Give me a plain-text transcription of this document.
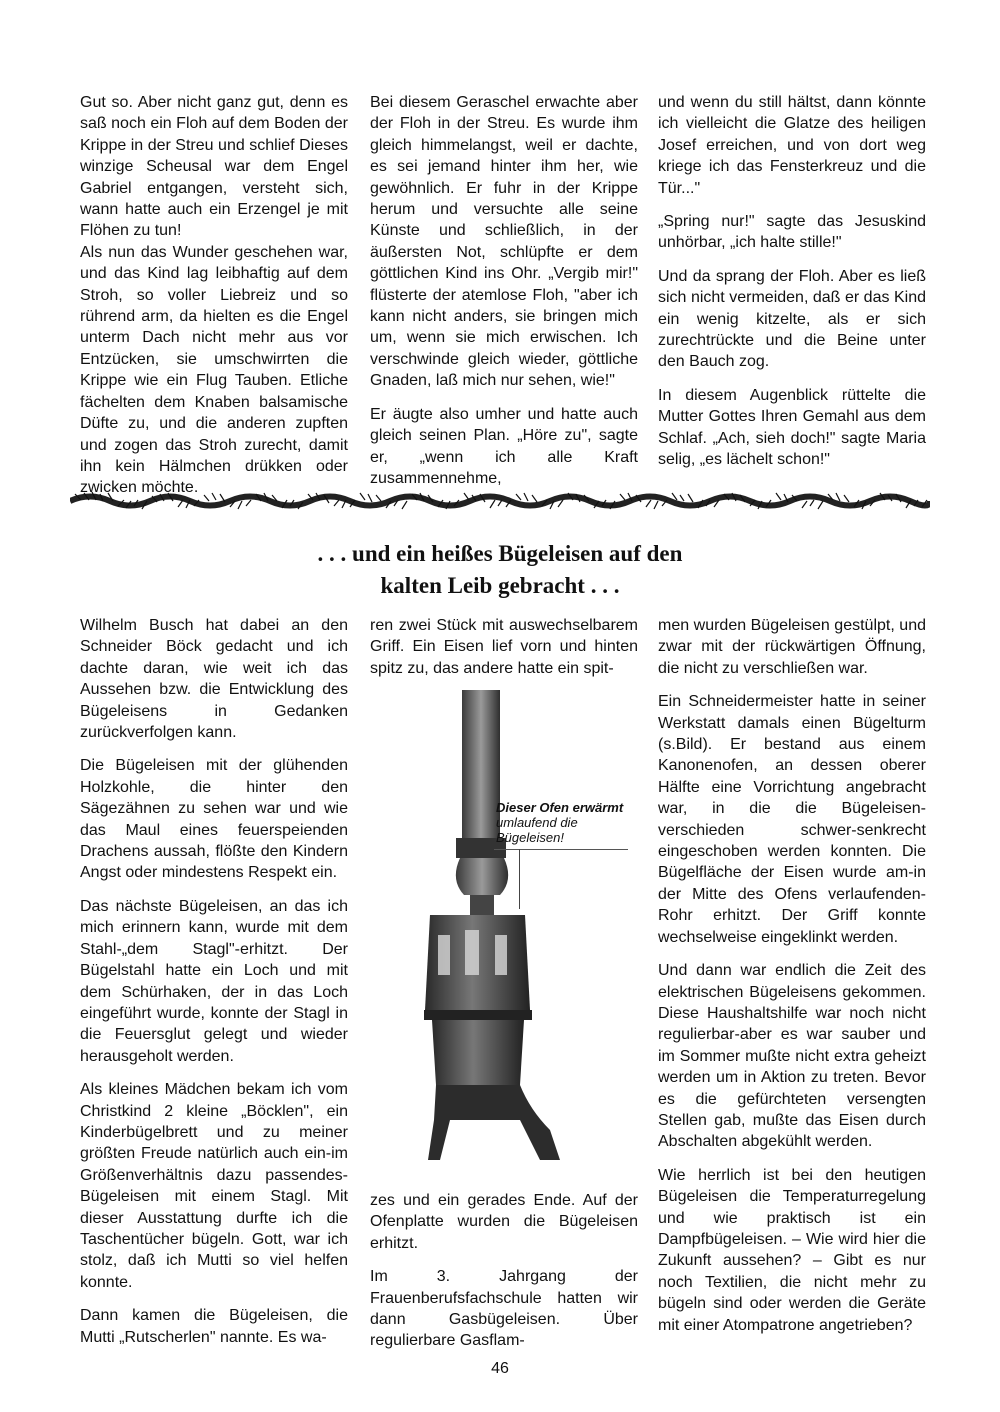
Gut so. Aber nicht ganz gut, denn es saß noch ein Floh auf dem Boden der Krippe in der Streu und schlief Dieses winzige Scheusal war dem Engel Gabriel entgangen, versteht sich, wann hatte auch ein Erzengel je mit Flöhen zu tun!

Als nun das Wunder geschehen war, und das Kind lag leibhaftig auf dem Stroh, so voller Liebreiz und so rührend arm, da hielten es die Engel unterm Dach nicht mehr aus vor Entzücken, sie umschwirrten die Krippe wie ein Flug Tauben. Etliche fächelten dem Knaben balsamische Düfte zu, und die anderen zupften und zogen das Stroh zurecht, damit ihn kein Hälmchen drükken oder zwicken möchte.

Bei diesem Geraschel erwachte aber der Floh in der Streu. Es wurde ihm gleich himmelangst, weil er dachte, es sei jemand hinter ihm her, wie gewöhnlich. Er fuhr in der Krippe herum und versuchte alle seine Künste und schließlich, in der äußersten Not, schlüpfte er dem göttlichen Kind ins Ohr. „Vergib mir!" flüsterte der atemlose Floh, "aber ich kann nicht anders, sie bringen mich um, wenn sie mich erwischen. Ich verschwinde gleich wieder, göttliche Gnaden, laß mich nur sehen, wie!"

Er äugte also umher und hatte auch gleich seinen Plan. „Höre zu", sagte er, „wenn ich alle Kraft zusammennehme,

und wenn du still hältst, dann könnte ich vielleicht die Glatze des heiligen Josef erreichen, und von dort weg kriege ich das Fensterkreuz und die Tür..."

„Spring nur!" sagte das Jesuskind unhörbar, „ich halte stille!"

Und da sprang der Floh. Aber es ließ sich nicht vermeiden, daß er das Kind ein wenig kitzelte, als er sich zurechtrückte und die Beine unter den Bauch zog.

In diesem Augenblick rüttelte die Mutter Gottes Ihren Gemahl aus dem Schlaf. „Ach, sieh doch!" sagte Maria selig, „es lächelt schon!"

. . . und ein heißes Bügeleisen auf den
kalten Leib gebracht . . .

Wilhelm Busch hat dabei an den Schneider Böck gedacht und ich dachte daran, wie weit ich das Aussehen bzw. die Entwicklung des Bügeleisens in Gedanken zurückverfolgen kann.

Die Bügeleisen mit der glühenden Holzkohle, die hinter den Sägezähnen zu sehen war und wie das Maul eines feuerspeienden Drachens aussah, flößte den Kindern Angst oder mindestens Respekt ein.

Das nächste Bügeleisen, an das ich mich erinnern kann, wurde mit dem Stahl-„dem Stagl"-erhitzt. Der Bügelstahl hatte ein Loch und mit dem Schürhaken, der in das Loch eingeführt wurde, konnte der Stagl in die Feuersglut gelegt und wieder herausgeholt werden.

Als kleines Mädchen bekam ich vom Christkind 2 kleine „Böcklen", ein Kinderbügelbrett und zu meiner größten Freude natürlich auch ein-im Größenverhältnis dazu passendes-Bügeleisen mit einem Stagl. Mit dieser Ausstattung durfte ich die Taschentücher bügeln. Gott, war ich stolz, daß ich Mutti so viel helfen konnte.

Dann kamen die Bügeleisen, die Mutti „Rutscherlen" nannte. Es wa-

ren zwei Stück mit auswechselbarem Griff. Ein Eisen lief vorn und hinten spitz zu, das andere hatte ein spit-

Dieser Ofen erwärmt
umlaufend die Bügeleisen!

zes und ein gerades Ende. Auf der Ofenplatte wurden die Bügeleisen erhitzt.

Im 3. Jahrgang der Frauenberufsfachschule hatten wir dann Gasbügeleisen. Über regulierbare Gasflam-

men wurden Bügeleisen gestülpt, und zwar mit der rückwärtigen Öffnung, die nicht zu verschließen war.

Ein Schneidermeister hatte in seiner Werkstatt damals einen Bügelturm (s.Bild). Er bestand aus einem Kanonenofen, an dessen oberer Hälfte eine Vorrichtung angebracht war, in die die Bügeleisen-verschieden schwer-senkrecht eingeschoben werden konnten. Die Bügelfläche der Eisen wurde am-in der Mitte des Ofens verlaufenden-Rohr erhitzt. Der Griff konnte wechselweise eingeklinkt werden.

Und dann war endlich die Zeit des elektrischen Bügeleisens gekommen. Diese Haushaltshilfe war noch nicht regulierbar-aber es war sauber und im Sommer mußte nicht extra geheizt werden um in Aktion zu treten. Bevor es die gefürchteten versengten Stellen gab, mußte das Eisen durch Abschalten abgekühlt werden.

Wie herrlich ist bei den heutigen Bügeleisen die Temperaturregelung und wie praktisch ist ein Dampfbügeleisen. – Wie wird hier die Zukunft aussehen? – Gibt es nur noch Textilien, die nicht mehr zu bügeln sind oder werden die Geräte mit einer Atompatrone angetrieben?

46
